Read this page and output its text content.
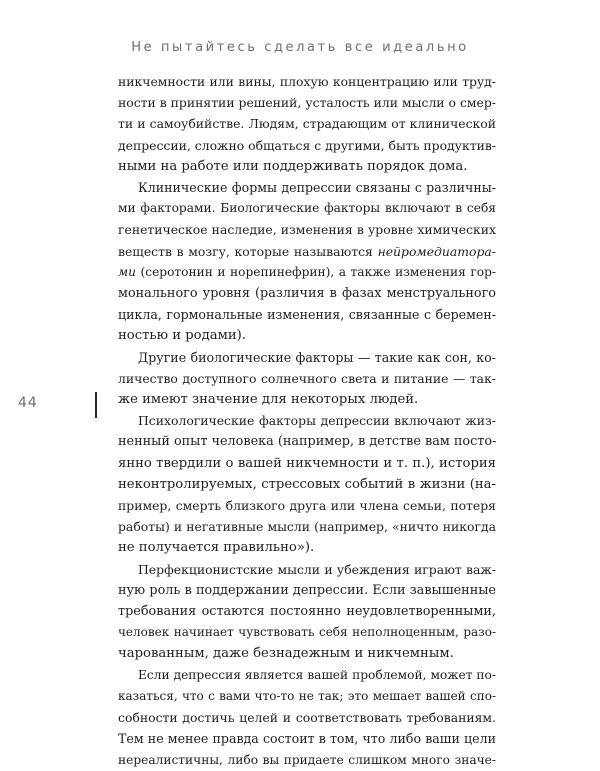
Не пытайтесь сделать все идеально
44
никчемности или вины, плохую концентрацию или труд-
ности в принятии решений, усталость или мысли о смер-
ти и самоубийстве. Людям, страдающим от клинической
депрессии, сложно общаться с другими, быть продуктив-
ными на работе или поддерживать порядок дома.
Клинические формы депрессии связаны с различны-
ми факторами. Биологические факторы включают в себя
генетическое наследие, изменения в уровне химических
веществ в мозгу, которые называются нейромедиатора-
ми (серотонин и норепинефрин), а также изменения гор-
монального уровня (различия в фазах менструального
цикла, гормональные изменения, связанные с беремен-
ностью и родами).
Другие биологические факторы — такие как сон, ко-
личество доступного солнечного света и питание — так-
же имеют значение для некоторых людей.
Психологические факторы депрессии включают жиз-
ненный опыт человека (например, в детстве вам посто-
янно твердили о вашей никчемности и т. п.), история
неконтролируемых, стрессовых событий в жизни (на-
пример, смерть близкого друга или члена семьи, потеря
работы) и негативные мысли (например, «ничто никогда
не получается правильно»).
Перфекционистские мысли и убеждения играют важ-
ную роль в поддержании депрессии. Если завышенные
требования остаются постоянно неудовлетворенными,
человек начинает чувствовать себя неполноценным, разо-
чарованным, даже безнадежным и никчемным.
Если депрессия является вашей проблемой, может по-
казаться, что с вами что-то не так; это мешает вашей спо-
собности достичь целей и соответствовать требованиям.
Тем не менее правда состоит в том, что либо ваши цели
нереалистичны, либо вы придаете слишком много значе-
